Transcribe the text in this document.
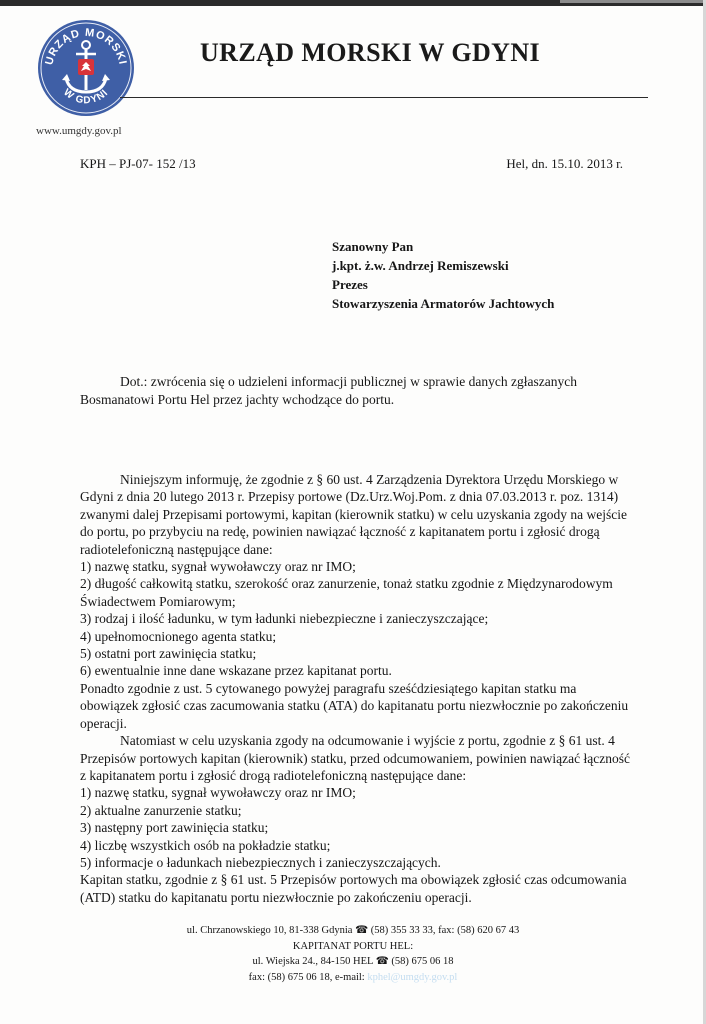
URZĄD MORSKI
W GDYNI
URZĄD MORSKI W GDYNI
www.umgdy.gov.pl
KPH – PJ-07- 152 /13	Hel, dn. 15.10. 2013 r.
Szanowny Pan
j.kpt. ż.w. Andrzej Remiszewski
Prezes
Stowarzyszenia Armatorów Jachtowych

Dot.: zwrócenia się o udzieleni informacji publicznej w sprawie danych zgłaszanych Bosmanatowi Portu Hel przez jachty wchodzące do portu.

Niniejszym informuję, że zgodnie z § 60 ust. 4 Zarządzenia Dyrektora Urzędu Morskiego w Gdyni z dnia 20 lutego 2013 r. Przepisy portowe (Dz.Urz.Woj.Pom. z dnia 07.03.2013 r. poz. 1314) zwanymi dalej Przepisami portowymi, kapitan (kierownik statku) w celu uzyskania zgody na wejście do portu, po przybyciu na redę, powinien nawiązać łączność z kapitanatem portu i zgłosić drogą radiotelefoniczną następujące dane:

1) nazwę statku, sygnał wywoławczy oraz nr IMO;

2) długość całkowitą statku, szerokość oraz zanurzenie, tonaż statku zgodnie z Międzynarodowym Świadectwem Pomiarowym;

3) rodzaj i ilość ładunku, w tym ładunki niebezpieczne i zanieczyszczające;

4) upełnomocnionego agenta statku;

5) ostatni port zawinięcia statku;

6) ewentualnie inne dane wskazane przez kapitanat portu.

Ponadto zgodnie z ust. 5 cytowanego powyżej paragrafu sześćdziesiątego kapitan statku ma obowiązek zgłosić czas zacumowania statku (ATA) do kapitanatu portu niezwłocznie po zakończeniu operacji.

Natomiast w celu uzyskania zgody na odcumowanie i wyjście z portu, zgodnie z § 61 ust. 4 Przepisów portowych kapitan (kierownik) statku, przed odcumowaniem, powinien nawiązać łączność z kapitanatem portu i zgłosić drogą radiotelefoniczną następujące dane:

1) nazwę statku, sygnał wywoławczy oraz nr IMO;

2) aktualne zanurzenie statku;

3) następny port zawinięcia statku;

4) liczbę wszystkich osób na pokładzie statku;

5) informacje o ładunkach niebezpiecznych i zanieczyszczających.

Kapitan statku, zgodnie z § 61 ust. 5 Przepisów portowych ma obowiązek zgłosić czas odcumowania (ATD) statku do kapitanatu portu niezwłocznie po zakończeniu operacji.

ul. Chrzanowskiego 10, 81-338 Gdynia ☎ (58) 355 33 33, fax: (58) 620 67 43
KAPITANAT PORTU HEL:
ul. Wiejska 24., 84-150 HEL ☎ (58) 675 06 18
fax: (58) 675 06 18, e-mail: kphel@umgdy.gov.pl
